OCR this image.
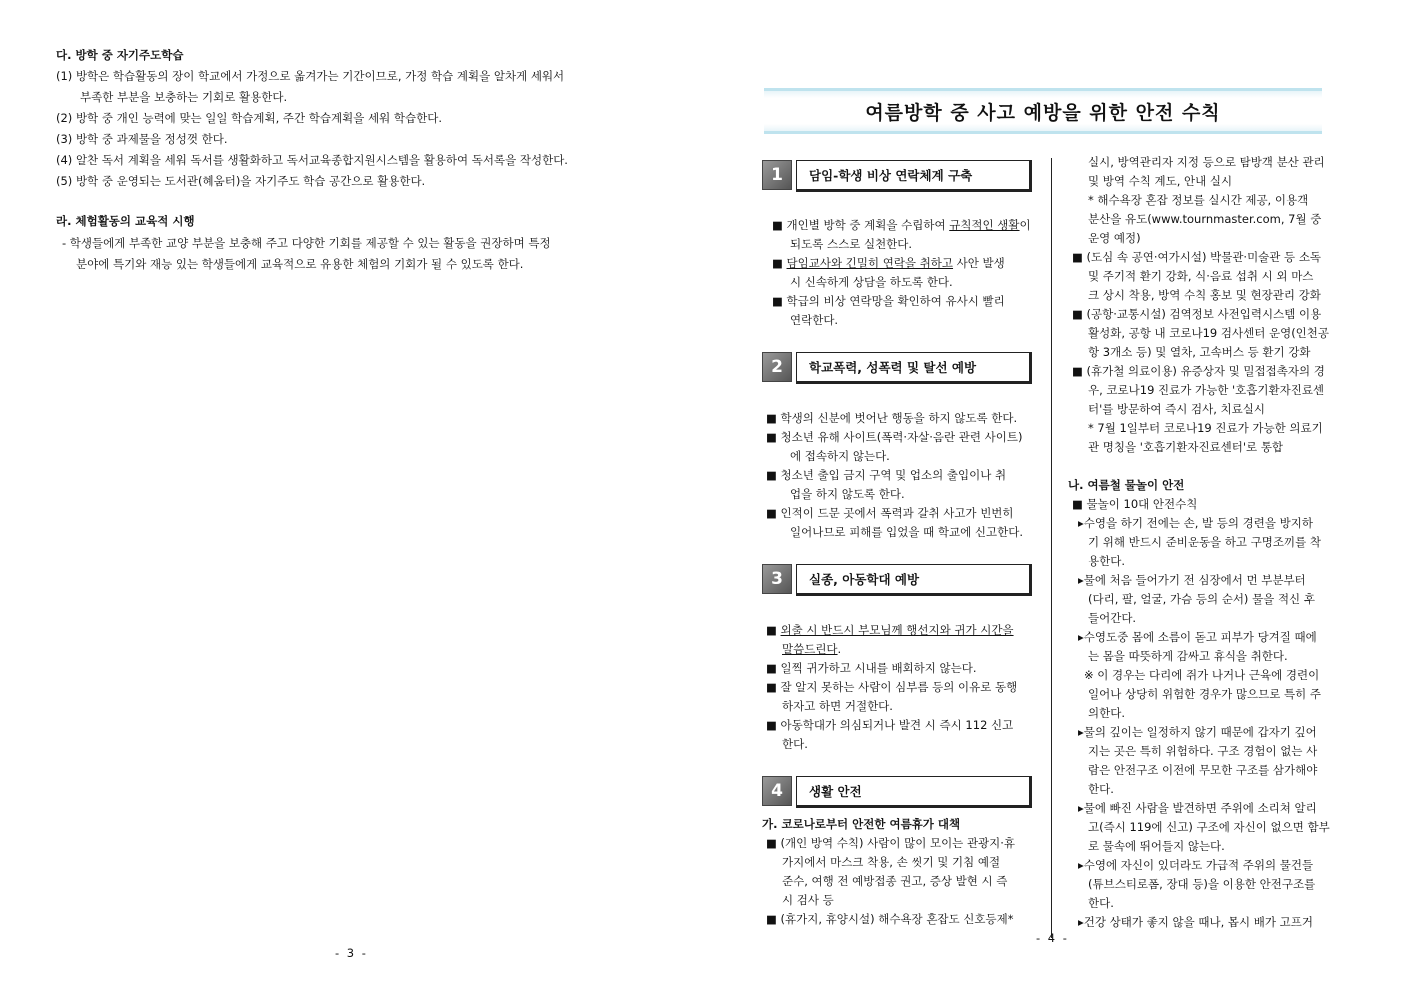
다. 방학 중 자기주도학습
(1) 방학은 학습활동의 장이 학교에서 가정으로 옮겨가는 기간이므로, 가정 학습 계획을 알차게 세워서
부족한 부분을 보충하는 기회로 활용한다.
(2) 방학 중 개인 능력에 맞는 일일 학습계획, 주간 학습계획을 세워 학습한다.
(3) 방학 중 과제물을 정성껏 한다.
(4) 알찬 독서 계획을 세워 독서를 생활화하고 독서교육종합지원시스템을 활용하여 독서록을 작성한다.
(5) 방학 중 운영되는 도서관(혜움터)을 자기주도 학습 공간으로 활용한다.
라. 체험활동의 교육적 시행
- 학생들에게 부족한 교양 부분을 보충해 주고 다양한 기회를 제공할 수 있는 활동을 권장하며 특정
분야에 특기와 재능 있는 학생들에게 교육적으로 유용한 체험의 기회가 될 수 있도록 한다.
- 3 -
여름방학 중 사고 예방을 위한 안전 수칙
1	담임-학생 비상 연락체계 구축
■ 개인별 방학 중 계획을 수립하여 규칙적인 생활이
되도록 스스로 실천한다.
■ 담임교사와 긴밀히 연락을 취하고 사안 발생
시 신속하게 상담을 하도록 한다.
■ 학급의 비상 연락망을 확인하여 유사시 빨리
연락한다.
2	학교폭력, 성폭력 및 탈선 예방
■ 학생의 신분에 벗어난 행동을 하지 않도록 한다.
■ 청소년 유해 사이트(폭력·자살·음란 관련 사이트)
에 접속하지 않는다.
■ 청소년 출입 금지 구역 및 업소의 출입이나 취
업을 하지 않도록 한다.
■ 인적이 드문 곳에서 폭력과 갈취 사고가 빈번히
일어나므로 피해를 입었을 때 학교에 신고한다.
3	실종, 아동학대 예방
■ 외출 시 반드시 부모님께 행선지와 귀가 시간을
말씀드린다.
■ 일찍 귀가하고 시내를 배회하지 않는다.
■ 잘 알지 못하는 사람이 심부름 등의 이유로 동행
하자고 하면 거절한다.
■ 아동학대가 의심되거나 발견 시 즉시 112 신고
한다.
4	생활 안전
가. 코로나로부터 안전한 여름휴가 대책
■ (개인 방역 수칙) 사람이 많이 모이는 관광지·휴
가지에서 마스크 착용, 손 씻기 및 기침 예절
준수, 여행 전 예방접종 권고, 증상 발현 시 즉
시 검사 등
■ (휴가지, 휴양시설) 해수욕장 혼잡도 신호등제*
실시, 방역관리자 지정 등으로 탐방객 분산 관리
및 방역 수칙 계도, 안내 실시
* 해수욕장 혼잡 정보를 실시간 제공, 이용객
분산을 유도(www.tournmaster.com, 7월 중
운영 예정)
■ (도심 속 공연·여가시설) 박물관·미술관 등 소독
및 주기적 환기 강화, 식·음료 섭취 시 외 마스
크 상시 착용, 방역 수칙 홍보 및 현장관리 강화
■ (공항·교통시설) 검역정보 사전입력시스템 이용
활성화, 공항 내 코로나19 검사센터 운영(인천공
항 3개소 등) 및 열차, 고속버스 등 환기 강화
■ (휴가철 의료이용) 유증상자 및 밀접접촉자의 경
우, 코로나19 진료가 가능한 '호흡기환자진료센
터'를 방문하여 즉시 검사, 치료실시
* 7월 1일부터 코로나19 진료가 가능한 의료기
관 명칭을 '호흡기환자진료센터'로 통합
나. 여름철 물놀이 안전
■ 물놀이 10대 안전수칙
▸수영을 하기 전에는 손, 발 등의 경련을 방지하
기 위해 반드시 준비운동을 하고 구명조끼를 착
용한다.
▸물에 처음 들어가기 전 심장에서 먼 부분부터
(다리, 팔, 얼굴, 가슴 등의 순서) 물을 적신 후
들어간다.
▸수영도중 몸에 소름이 돋고 피부가 당겨질 때에
는 몸을 따뜻하게 감싸고 휴식을 취한다.
※ 이 경우는 다리에 쥐가 나거나 근육에 경련이
일어나 상당히 위험한 경우가 많으므로 특히 주
의한다.
▸물의 깊이는 일정하지 않기 때문에 갑자기 깊어
지는 곳은 특히 위험하다. 구조 경험이 없는 사
람은 안전구조 이전에 무모한 구조를 삼가해야
한다.
▸물에 빠진 사람을 발견하면 주위에 소리쳐 알리
고(즉시 119에 신고) 구조에 자신이 없으면 함부
로 물속에 뛰어들지 않는다.
▸수영에 자신이 있더라도 가급적 주위의 물건들
(튜브스티로폼, 장대 등)을 이용한 안전구조를
한다.
▸건강 상태가 좋지 않을 때나, 몹시 배가 고프거
- 4 -
